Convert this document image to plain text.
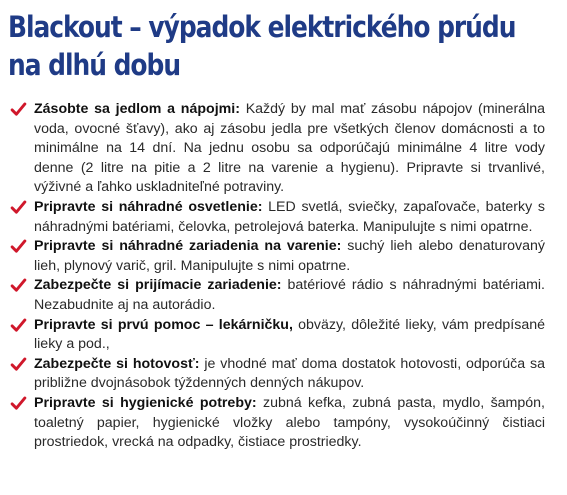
Blackout – výpadok elektrického prúdu na dlhú dobu
Zásobte sa jedlom a nápojmi: Každý by mal mať zásobu nápojov (minerálna voda, ovocné šťavy), ako aj zásobu jedla pre všetkých členov domácnosti a to minimálne na 14 dní. Na jednu osobu sa odporúčajú minimálne 4 litre vody denne (2 litre na pitie a 2 litre na varenie a hygienu). Pripravte si trvanlivé, výživné a ľahko uskladniteľné potraviny.
Pripravte si náhradné osvetlenie: LED svetlá, sviečky, zapaľovače, baterky s náhradnými batériami, čelovka, petrolejová baterka. Manipulujte s nimi opatrne.
Pripravte si náhradné zariadenia na varenie: suchý lieh alebo denaturovaný lieh, plynový varič, gril. Manipulujte s nimi opatrne.
Zabezpečte si prijímacie zariadenie: batériové rádio s náhradnými batériami. Nezabudnite aj na autorádio.
Pripravte si prvú pomoc – lekárničku, obväzy, dôležité lieky, vám predpísané lieky a pod.,
Zabezpečte si hotovosť: je vhodné mať doma dostatok hotovosti, odporúča sa približne dvojnásobok týždenných denných nákupov.
Pripravte si hygienické potreby: zubná kefka, zubná pasta, mydlo, šampón, toaletný papier, hygienické vložky alebo tampóny, vysokoúčinný čistiaci prostriedok, vrecká na odpadky, čistiace prostriedky.
